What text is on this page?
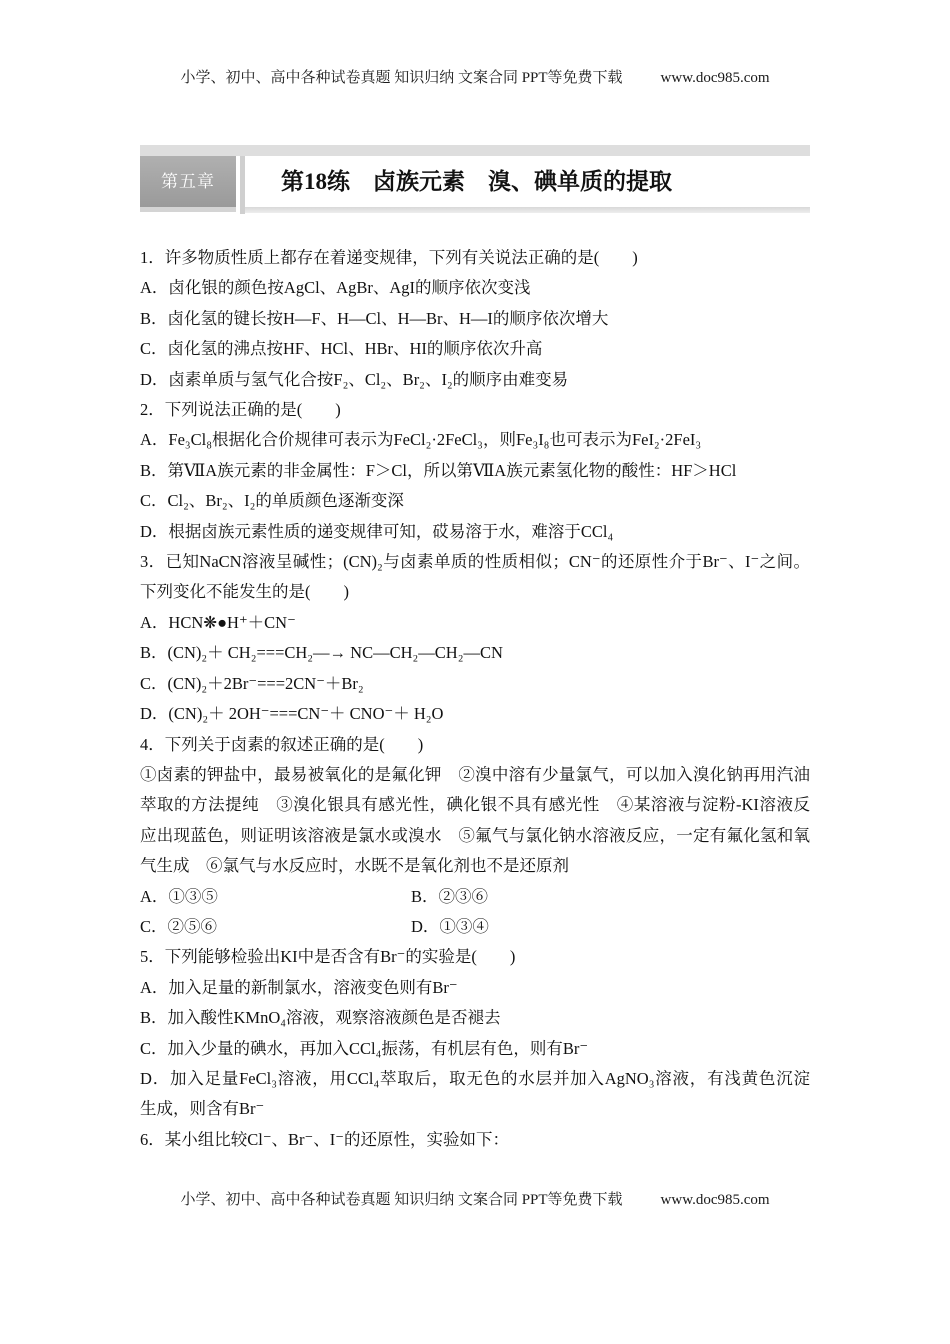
小学、初中、高中各种试卷真题 知识归纳 文案合同 PPT等免费下载	www.doc985.com
第五章	第18练　卤族元素　溴、碘单质的提取
1．许多物质性质上都存在着递变规律，下列有关说法正确的是(　　)
A．卤化银的颜色按AgCl、AgBr、AgI的顺序依次变浅
B．卤化氢的键长按H—F、H—Cl、H—Br、H—I的顺序依次增大
C．卤化氢的沸点按HF、HCl、HBr、HI的顺序依次升高
D．卤素单质与氢气化合按F₂、Cl₂、Br₂、I₂的顺序由难变易
2．下列说法正确的是(　　)
A．Fe₃Cl₈根据化合价规律可表示为FeCl₂·2FeCl₃，则Fe₃I₈也可表示为FeI₂·2FeI₃
B．第ⅦA族元素的非金属性：F＞Cl，所以第ⅦA族元素氢化物的酸性：HF＞HCl
C．Cl₂、Br₂、I₂的单质颜色逐渐变深
D．根据卤族元素性质的递变规律可知，砹易溶于水，难溶于CCl₄
3．已知NaCN溶液呈碱性；(CN)₂与卤素单质的性质相似；CN⁻的还原性介于Br⁻、I⁻之间。
下列变化不能发生的是(　　)
A．HCN❋●H⁺＋CN⁻
B．(CN)₂＋ CH₂===CH₂―→ NC—CH₂—CH₂—CN
C．(CN)₂＋2Br⁻===2CN⁻＋Br₂
D．(CN)₂＋ 2OH⁻===CN⁻＋ CNO⁻＋ H₂O
4．下列关于卤素的叙述正确的是(　　)
①卤素的钾盐中，最易被氧化的是氟化钾　②溴中溶有少量氯气，可以加入溴化钠再用汽油
萃取的方法提纯　③溴化银具有感光性，碘化银不具有感光性　④某溶液与淀粉-KI溶液反
应出现蓝色，则证明该溶液是氯水或溴水　⑤氟气与氯化钠水溶液反应，一定有氟化氢和氧
气生成　⑥氯气与水反应时，水既不是氧化剂也不是还原剂
A．①③⑤	B．②③⑥
C．②⑤⑥	D．①③④
5．下列能够检验出KI中是否含有Br⁻的实验是(　　)
A．加入足量的新制氯水，溶液变色则有Br⁻
B．加入酸性KMnO₄溶液，观察溶液颜色是否褪去
C．加入少量的碘水，再加入CCl₄振荡，有机层有色，则有Br⁻
D．加入足量FeCl₃溶液，用CCl₄萃取后，取无色的水层并加入AgNO₃溶液，有浅黄色沉淀
生成，则含有Br⁻
6．某小组比较Cl⁻、Br⁻、I⁻的还原性，实验如下：
小学、初中、高中各种试卷真题 知识归纳 文案合同 PPT等免费下载	www.doc985.com
